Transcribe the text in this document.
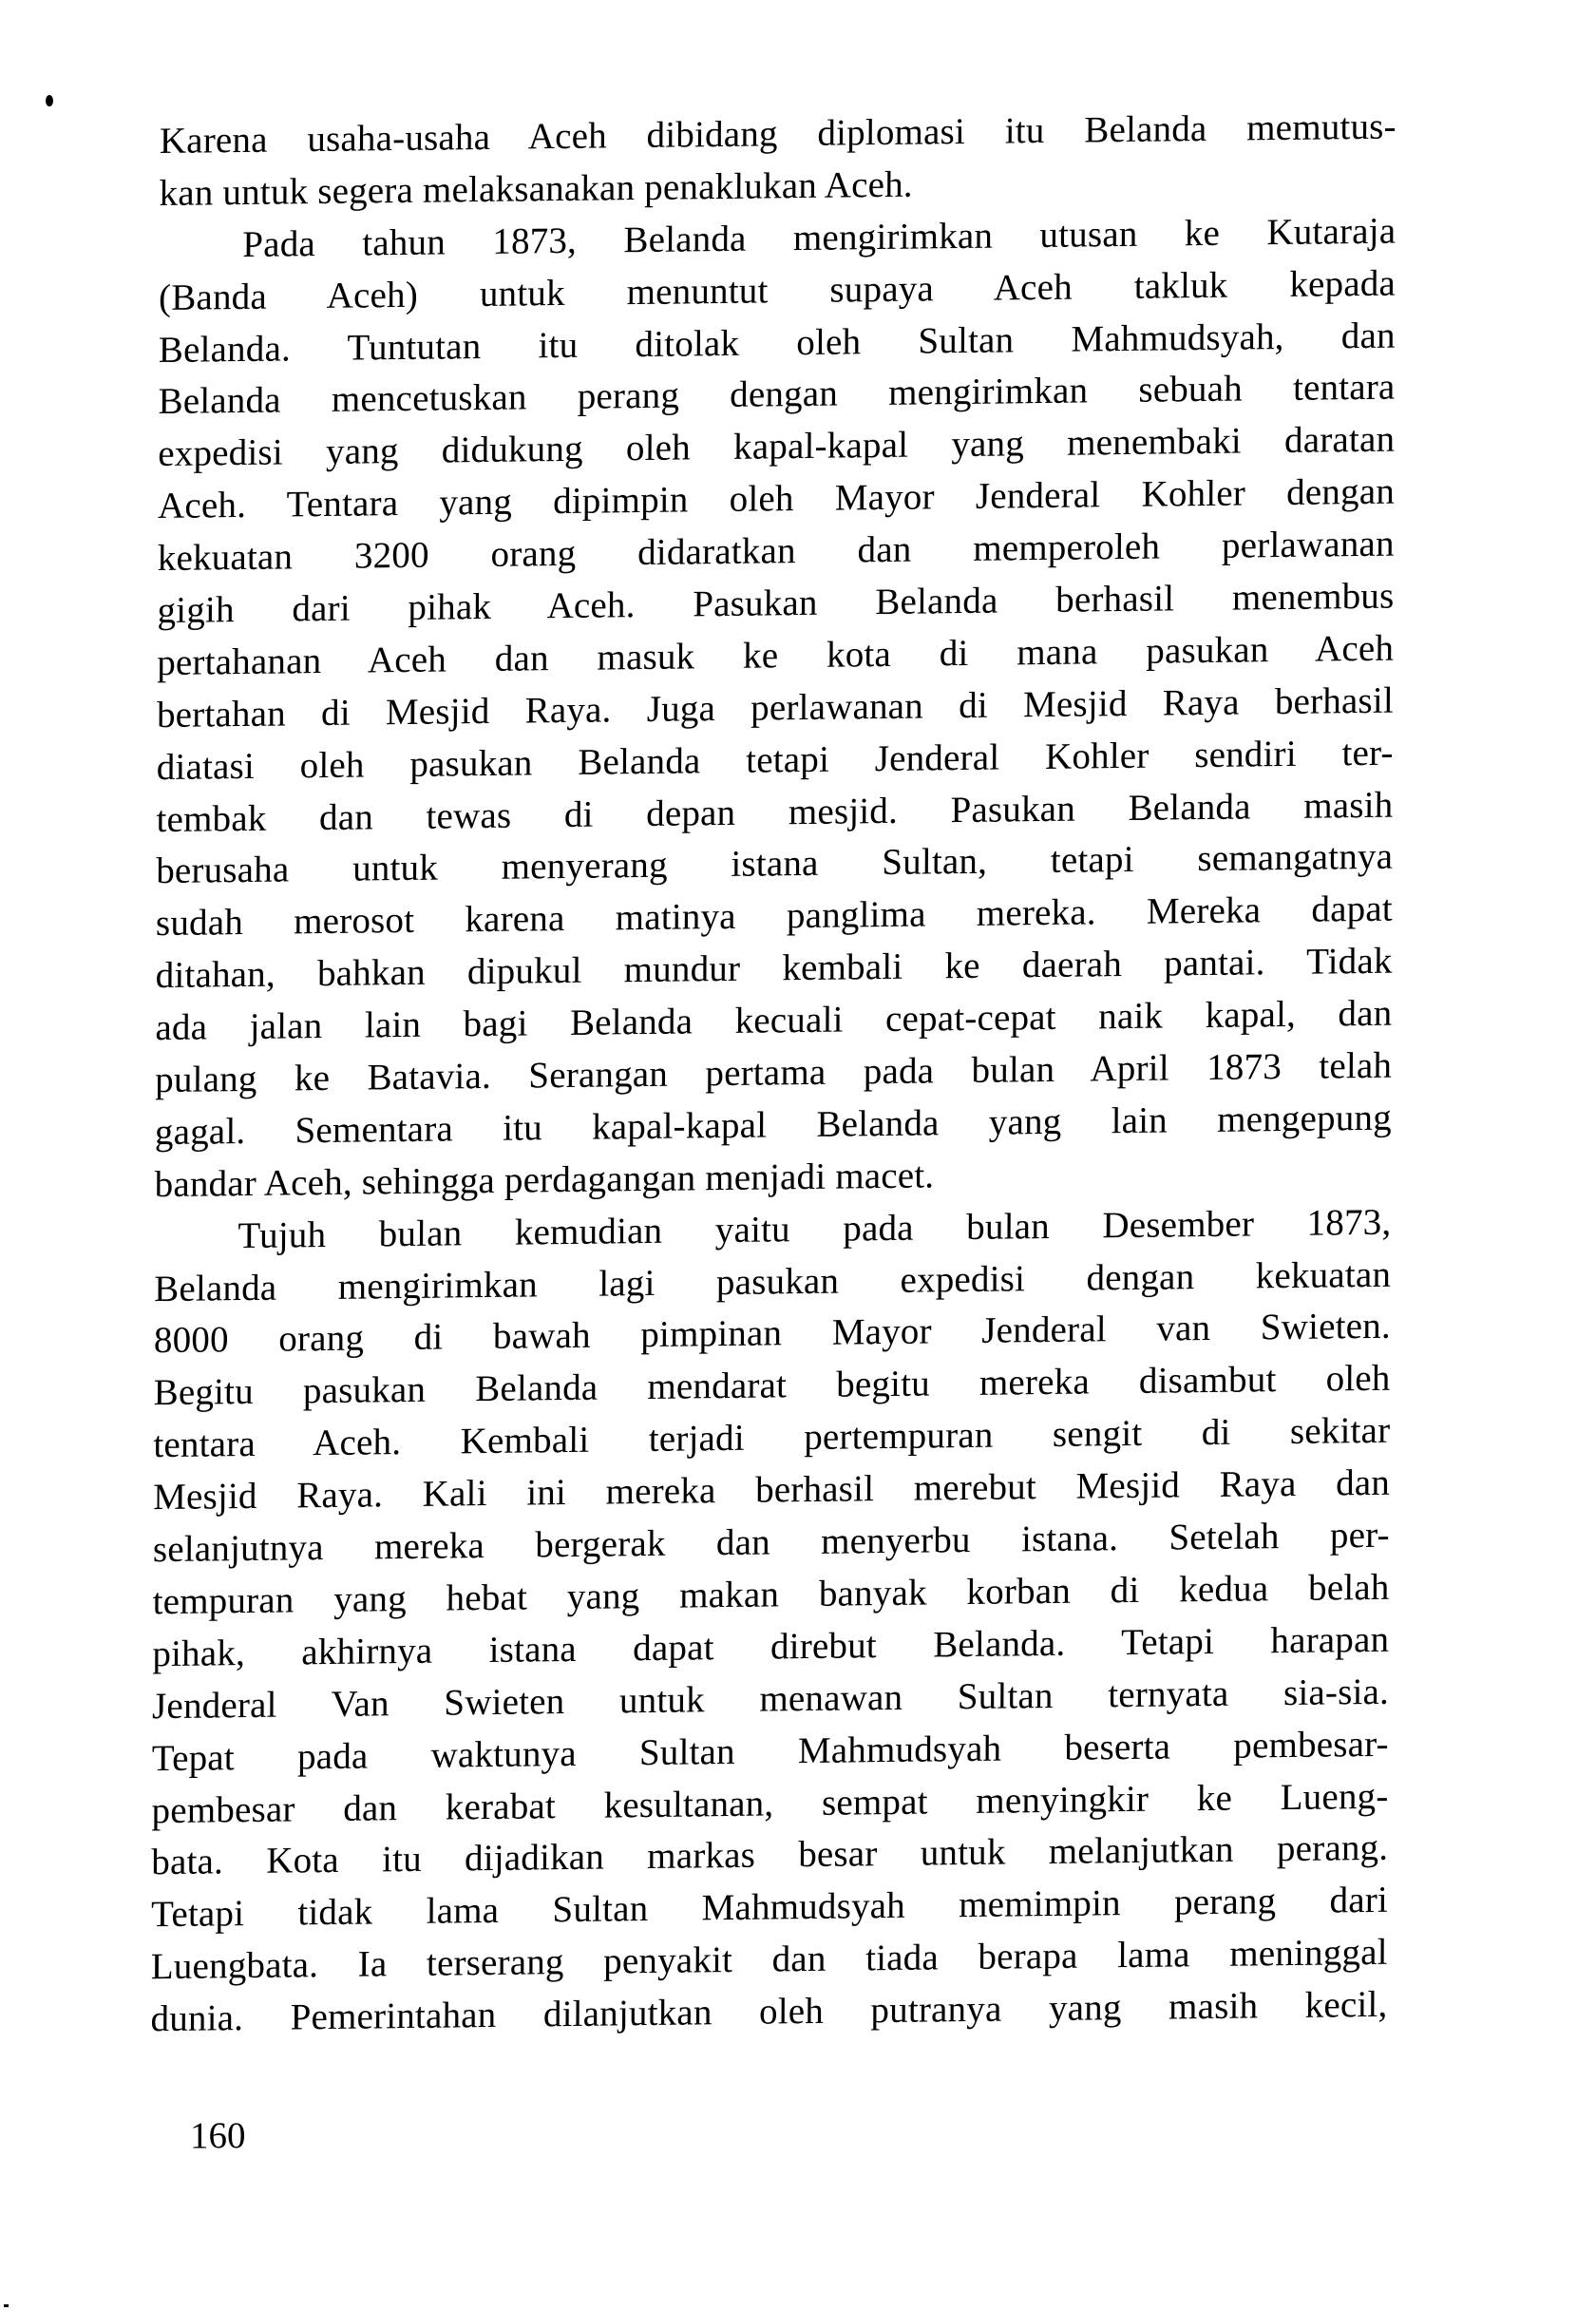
Karena usaha-usaha Aceh dibidang diplomasi itu Belanda memutus-
kan untuk segera melaksanakan penaklukan Aceh.
Pada tahun 1873, Belanda mengirimkan utusan ke Kutaraja
(Banda Aceh) untuk menuntut supaya Aceh takluk kepada
Belanda. Tuntutan itu ditolak oleh Sultan Mahmudsyah, dan
Belanda mencetuskan perang dengan mengirimkan sebuah tentara
expedisi yang didukung oleh kapal-kapal yang menembaki daratan
Aceh. Tentara yang dipimpin oleh Mayor Jenderal Kohler dengan
kekuatan 3200 orang didaratkan dan memperoleh perlawanan
gigih dari pihak Aceh. Pasukan Belanda berhasil menembus
pertahanan Aceh dan masuk ke kota di mana pasukan Aceh
bertahan di Mesjid Raya. Juga perlawanan di Mesjid Raya berhasil
diatasi oleh pasukan Belanda tetapi Jenderal Kohler sendiri ter-
tembak dan tewas di depan mesjid. Pasukan Belanda masih
berusaha untuk menyerang istana Sultan, tetapi semangatnya
sudah merosot karena matinya panglima mereka. Mereka dapat
ditahan, bahkan dipukul mundur kembali ke daerah pantai. Tidak
ada jalan lain bagi Belanda kecuali cepat-cepat naik kapal, dan
pulang ke Batavia. Serangan pertama pada bulan April 1873 telah
gagal. Sementara itu kapal-kapal Belanda yang lain mengepung
bandar Aceh, sehingga perdagangan menjadi macet.
Tujuh bulan kemudian yaitu pada bulan Desember 1873,
Belanda mengirimkan lagi pasukan expedisi dengan kekuatan
8000 orang di bawah pimpinan Mayor Jenderal van Swieten.
Begitu pasukan Belanda mendarat begitu mereka disambut oleh
tentara Aceh. Kembali terjadi pertempuran sengit di sekitar
Mesjid Raya. Kali ini mereka berhasil merebut Mesjid Raya dan
selanjutnya mereka bergerak dan menyerbu istana. Setelah per-
tempuran yang hebat yang makan banyak korban di kedua belah
pihak, akhirnya istana dapat direbut Belanda. Tetapi harapan
Jenderal Van Swieten untuk menawan Sultan ternyata sia-sia.
Tepat pada waktunya Sultan Mahmudsyah beserta pembesar-
pembesar dan kerabat kesultanan, sempat menyingkir ke Lueng-
bata. Kota itu dijadikan markas besar untuk melanjutkan perang.
Tetapi tidak lama Sultan Mahmudsyah memimpin perang dari
Luengbata. Ia terserang penyakit dan tiada berapa lama meninggal
dunia. Pemerintahan dilanjutkan oleh putranya yang masih kecil,
160
